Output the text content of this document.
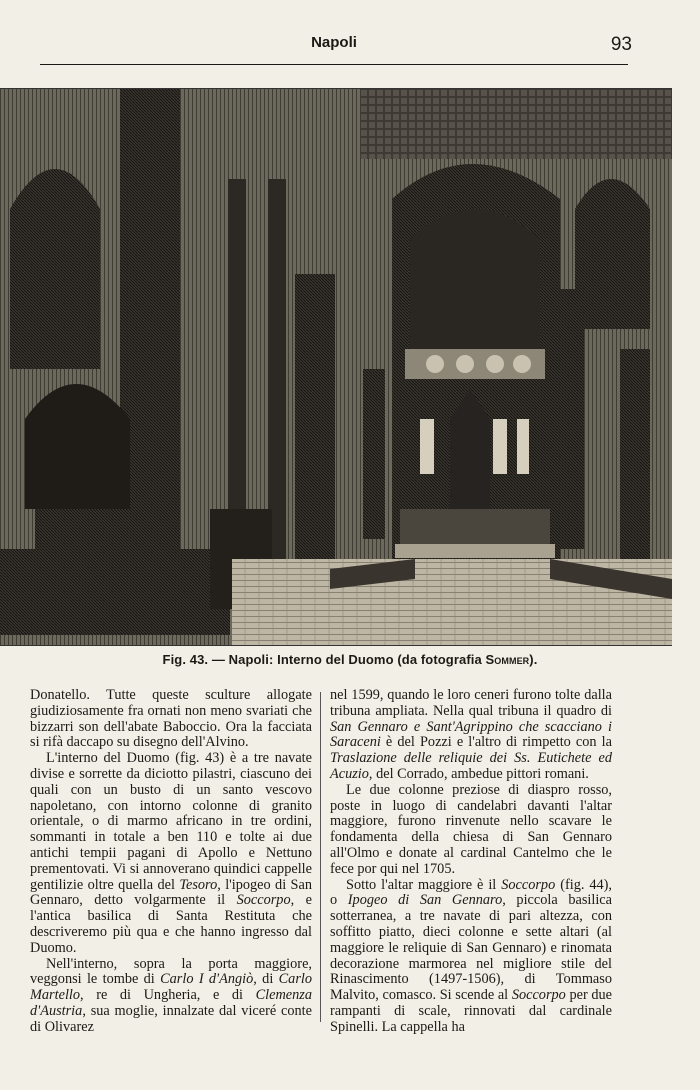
Napoli	93
Fig. 43. — Napoli: Interno del Duomo (da fotografia Sommer).

Donatello. Tutte queste sculture allogate giudiziosamente fra ornati non meno svariati che bizzarri son dell'abate Baboccio. Ora la facciata si rifà daccapo su disegno dell'Alvino.

L'interno del Duomo (fig. 43) è a tre navate divise e sorrette da diciotto pilastri, ciascuno dei quali con un busto di un santo vescovo napoletano, con intorno colonne di granito orientale, o di marmo africano in tre ordini, sommanti in totale a ben 110 e tolte ai due antichi tempii pagani di Apollo e Nettuno prementovati. Vi si annoverano quindici cappelle gentilizie oltre quella del Tesoro, l'ipogeo di San Gennaro, detto volgarmente il Soccorpo, e l'antica basilica di Santa Restituta che descriveremo più qua e che hanno ingresso dal Duomo.

Nell'interno, sopra la porta maggiore, veggonsi le tombe di Carlo I d'Angiò, di Carlo Martello, re di Ungheria, e di Clemenza d'Austria, sua moglie, innalzate dal viceré conte di Olivarez

nel 1599, quando le loro ceneri furono tolte dalla tribuna ampliata. Nella qual tribuna il quadro di San Gennaro e Sant'Agrippino che scacciano i Saraceni è del Pozzi e l'altro di rimpetto con la Traslazione delle reliquie dei Ss. Eutichete ed Acuzio, del Corrado, ambedue pittori romani.

Le due colonne preziose di diaspro rosso, poste in luogo di candelabri davanti l'altar maggiore, furono rinvenute nello scavare le fondamenta della chiesa di San Gennaro all'Olmo e donate al cardinal Cantelmo che le fece por qui nel 1705.

Sotto l'altar maggiore è il Soccorpo (fig. 44), o Ipogeo di San Gennaro, piccola basilica sotterranea, a tre navate di pari altezza, con soffitto piatto, dieci colonne e sette altari (al maggiore le reliquie di San Gennaro) e rinomata decorazione marmorea nel migliore stile del Rinascimento (1497-1506), di Tommaso Malvito, comasco. Si scende al Soccorpo per due rampanti di scale, rinnovati dal cardinale Spinelli. La cappella ha
